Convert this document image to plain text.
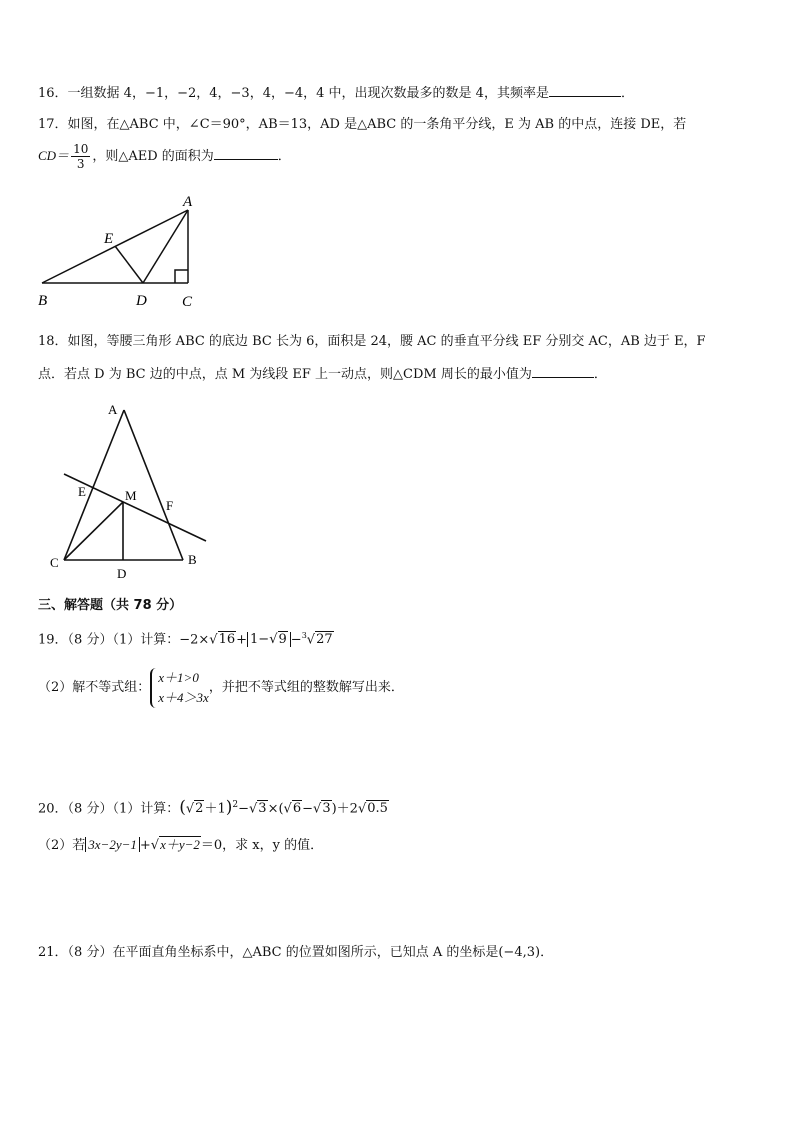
16．一组数据 4，−1，−2，4，−3，4，−4，4 中，出现次数最多的数是 4，其频率是	．
17．如图，在△ABC 中，∠C＝90°，AB＝13，AD 是△ABC 的一条角平分线，E 为 AB 的中点，连接 DE，若
$CD= \frac{10}{3}$ ，则△AED 的面积为	．
A
B	C
D
E
18．如图，等腰三角形 ABC 的底边 BC 长为 6，面积是 24，腰 AC 的垂直平分线 EF 分别交 AC，AB 边于 E，F
点．若点 D 为 BC 边的中点，点 M 为线段 EF 上一动点，则△CDM 周长的最小值为	．
A
E	M
F
C	B
D
三、解答题（共 78 分）
19．（8 分）（1）计算：−2×√16+ 1−√9 −$^3$√27
（2）解不等式组：
x＋1>0
x＋4＞3x
，并把不等式组的整数解写出来．
20．（8 分）（1）计算：$(√2+1)^2-√3\times(√6-√3)+2√0.5$
（2）若 3x−2y−1 +√x＋y−2＝0，求 x，y 的值．
21．（8 分）在平面直角坐标系中，△ABC 的位置如图所示，已知点 A 的坐标是(−4,3)．
